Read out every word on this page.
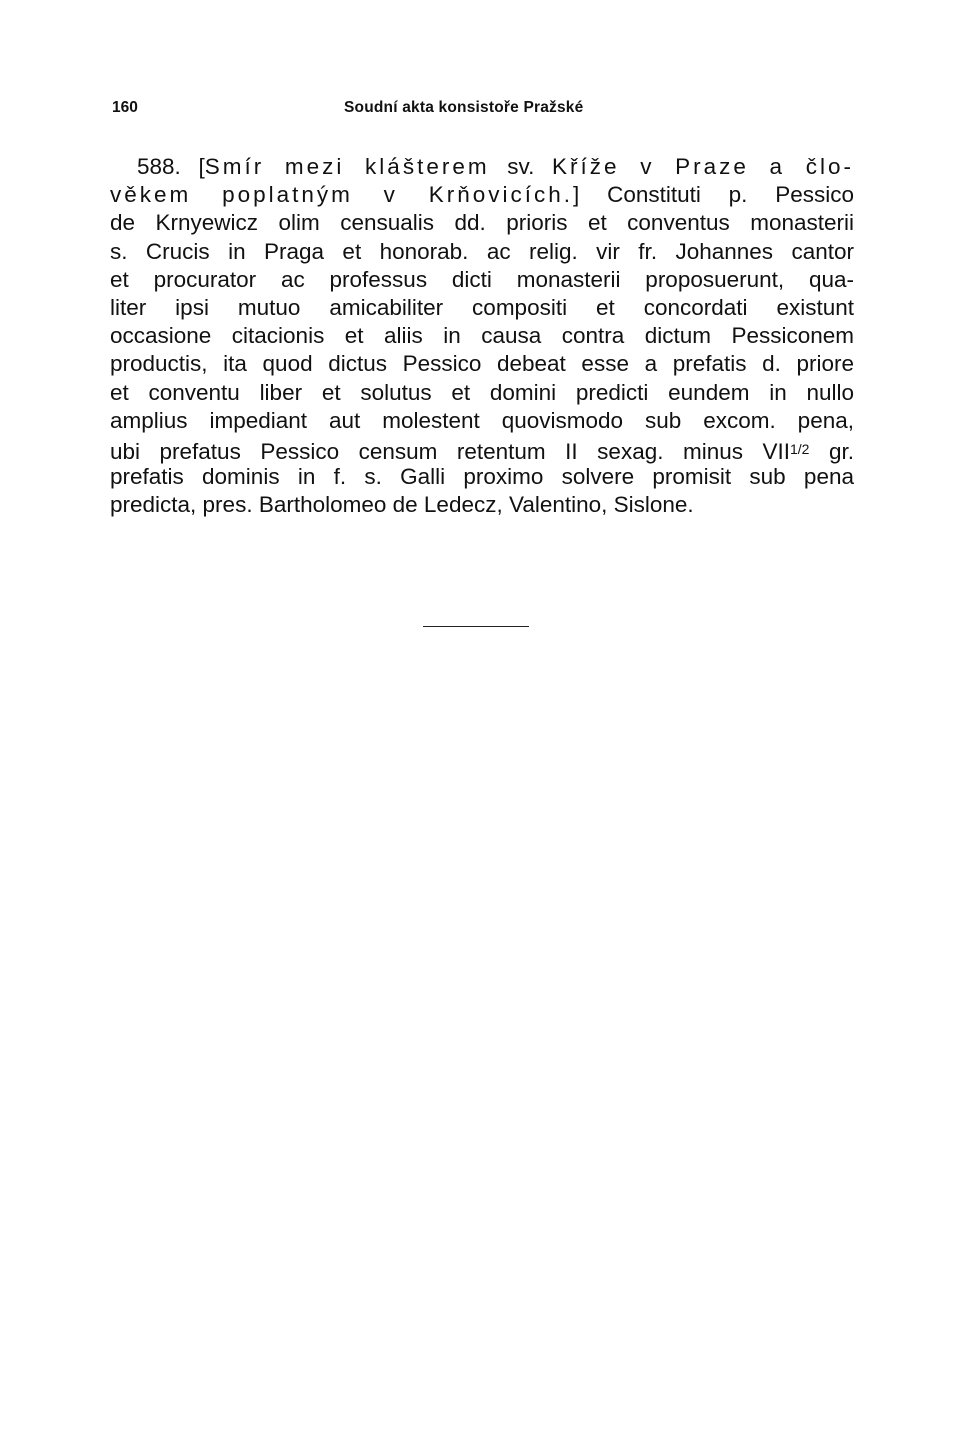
160	Soudní akta konsistoře Pražské
588. [Smír mezi klášterem sv. Kříže v Praze a člo-
věkem poplatným v Krňovicích.] Constituti p. Pessico
de Krnyewicz olim censualis dd. prioris et conventus monasterii
s. Crucis in Praga et honorab. ac relig. vir fr. Johannes cantor
et procurator ac professus dicti monasterii proposuerunt, qua-
liter ipsi mutuo amicabiliter compositi et concordati existunt
occasione citacionis et aliis in causa contra dictum Pessiconem
productis, ita quod dictus Pessico debeat esse a prefatis d. priore
et conventu liber et solutus et domini predicti eundem in nullo
amplius impediant aut molestent quovismodo sub excom. pena,
ubi prefatus Pessico censum retentum II sexag. minus $VII^{1/2}$ gr.
prefatis dominis in f. s. Galli proximo solvere promisit sub pena
predicta, pres. Bartholomeo de Ledecz, Valentino, Sislone.
